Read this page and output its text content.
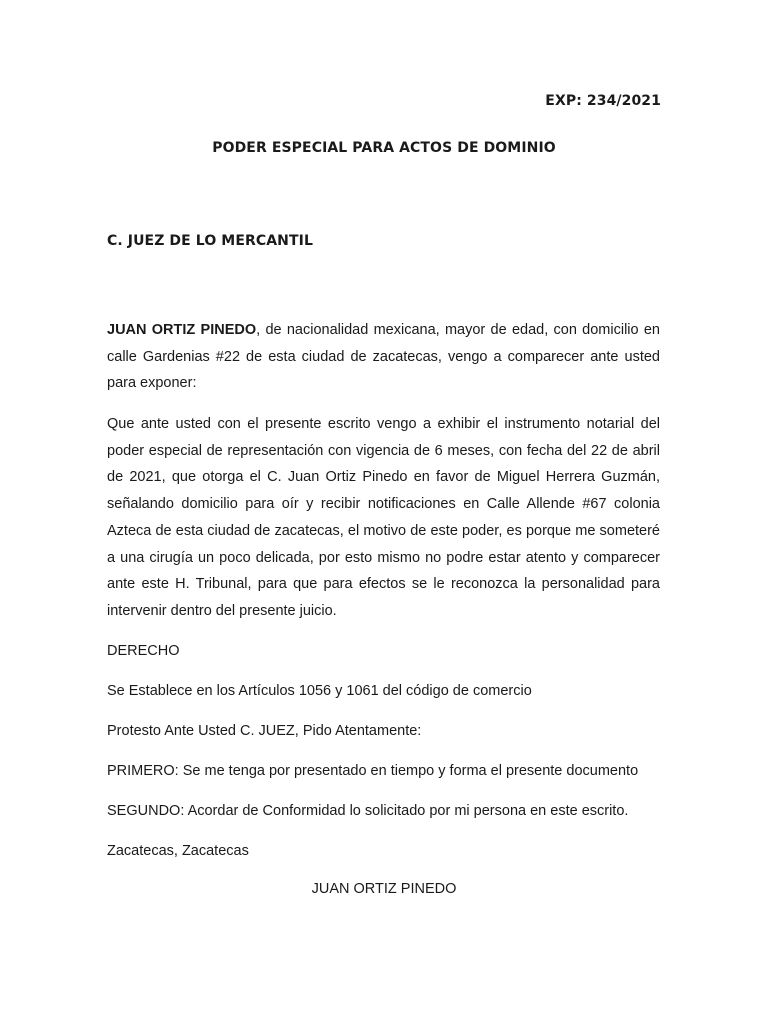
EXP: 234/2021
PODER ESPECIAL PARA ACTOS DE DOMINIO
C. JUEZ DE LO MERCANTIL
JUAN ORTIZ PINEDO, de nacionalidad mexicana, mayor de edad, con domicilio en calle Gardenias #22 de esta ciudad de zacatecas, vengo a comparecer ante usted para exponer:
Que ante usted con el presente escrito vengo a exhibir el instrumento notarial del poder especial de representación con vigencia de 6 meses, con fecha del 22 de abril de 2021, que otorga el C. Juan Ortiz Pinedo en favor de Miguel Herrera Guzmán, señalando domicilio para oír y recibir notificaciones en Calle Allende #67 colonia Azteca de esta ciudad de zacatecas, el motivo de este poder, es porque me someteré a una cirugía un poco delicada, por esto mismo no podre estar atento y comparecer ante este H. Tribunal, para que para efectos se le reconozca la personalidad para intervenir dentro del presente juicio.
DERECHO
Se Establece en los Artículos 1056 y 1061 del código de comercio
Protesto Ante Usted C. JUEZ, Pido Atentamente:
PRIMERO: Se me tenga por presentado en tiempo y forma el presente documento
SEGUNDO: Acordar de Conformidad lo solicitado por mi persona en este escrito.
Zacatecas, Zacatecas
JUAN ORTIZ PINEDO
